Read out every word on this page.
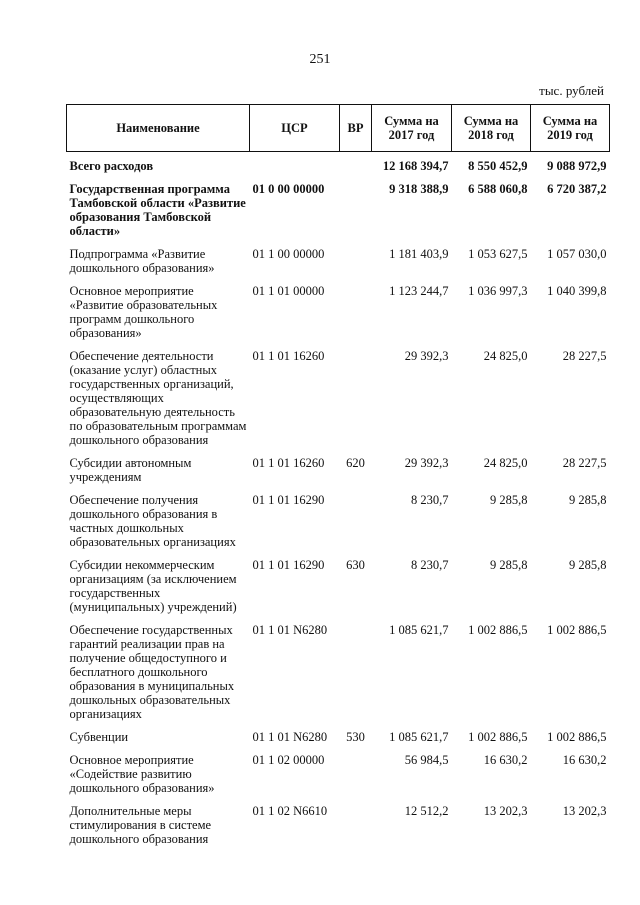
251
тыс. рублей
Наименование	ЦСР	ВР	Сумма на 2017 год	Сумма на 2018 год	Сумма на 2019 год
Всего расходов			12 168 394,7	8 550 452,9	9 088 972,9
Государственная программа Тамбовской области «Развитие образования Тамбовской области»	01 0 00 00000		9 318 388,9	6 588 060,8	6 720 387,2
Подпрограмма «Развитие дошкольного образования»	01 1 00 00000		1 181 403,9	1 053 627,5	1 057 030,0
Основное мероприятие «Развитие образовательных программ дошкольного образования»	01 1 01 00000		1 123 244,7	1 036 997,3	1 040 399,8
Обеспечение деятельности (оказание услуг) областных государственных организаций, осуществляющих образовательную деятельность по образовательным программам дошкольного образования	01 1 01 16260		29 392,3	24 825,0	28 227,5
Субсидии автономным учреждениям	01 1 01 16260	620	29 392,3	24 825,0	28 227,5
Обеспечение получения дошкольного образования в частных дошкольных образовательных организациях	01 1 01 16290		8 230,7	9 285,8	9 285,8
Субсидии некоммерческим организациям (за исключением государственных (муниципальных) учреждений)	01 1 01 16290	630	8 230,7	9 285,8	9 285,8
Обеспечение государственных гарантий реализации прав на получение общедоступного и бесплатного дошкольного образования в муниципальных дошкольных образовательных организациях	01 1 01 N6280		1 085 621,7	1 002 886,5	1 002 886,5
Субвенции	01 1 01 N6280	530	1 085 621,7	1 002 886,5	1 002 886,5
Основное мероприятие «Содействие развитию дошкольного образования»	01 1 02 00000		56 984,5	16 630,2	16 630,2
Дополнительные меры стимулирования в системе дошкольного образования	01 1 02 N6610		12 512,2	13 202,3	13 202,3
